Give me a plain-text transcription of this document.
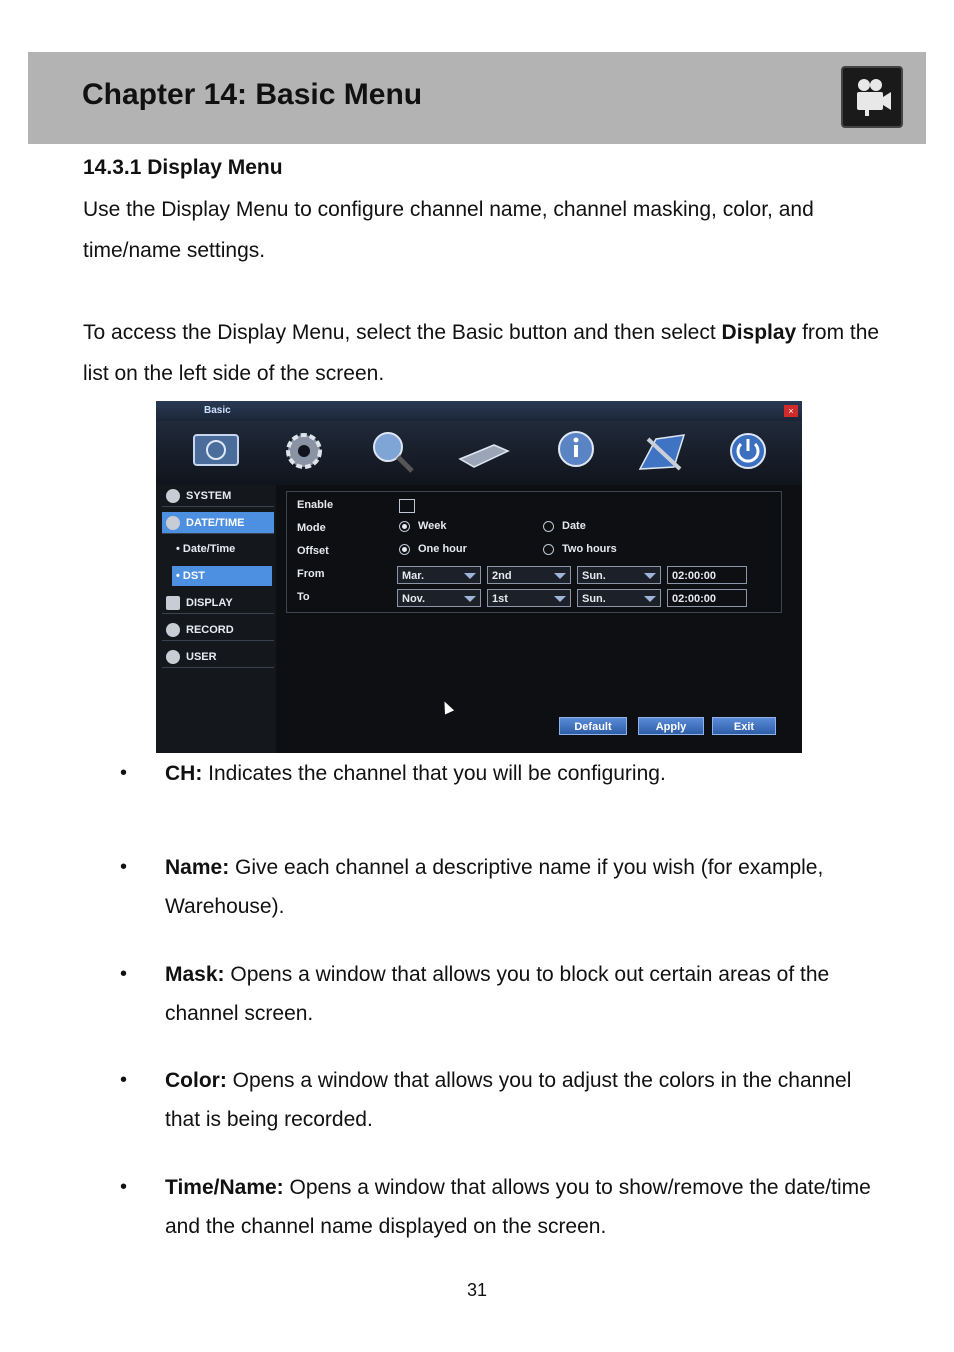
Chapter 14: Basic Menu
14.3.1 Display Menu

Use the Display Menu to configure channel name, channel masking, color, and time/name settings.

To access the Display Menu, select the Basic button and then select Display from the list on the left side of the screen.

Basic	×
SYSTEM
DATE/TIME
• Date/Time
• DST
DISPLAY
RECORD
USER
Enable
Mode	Week	Date
Offset	One hour	Two hours
From	Mar.	2nd	Sun.	02:00:00
To	Nov.	1st	Sun.	02:00:00
Default	Apply	Exit
• CH: Indicates the channel that you will be configuring.
• Name: Give each channel a descriptive name if you wish (for example, Warehouse).
• Mask: Opens a window that allows you to block out certain areas of the channel screen.
• Color: Opens a window that allows you to adjust the colors in the channel that is being recorded.
• Time/Name: Opens a window that allows you to show/remove the date/time and the channel name displayed on the screen.
31
